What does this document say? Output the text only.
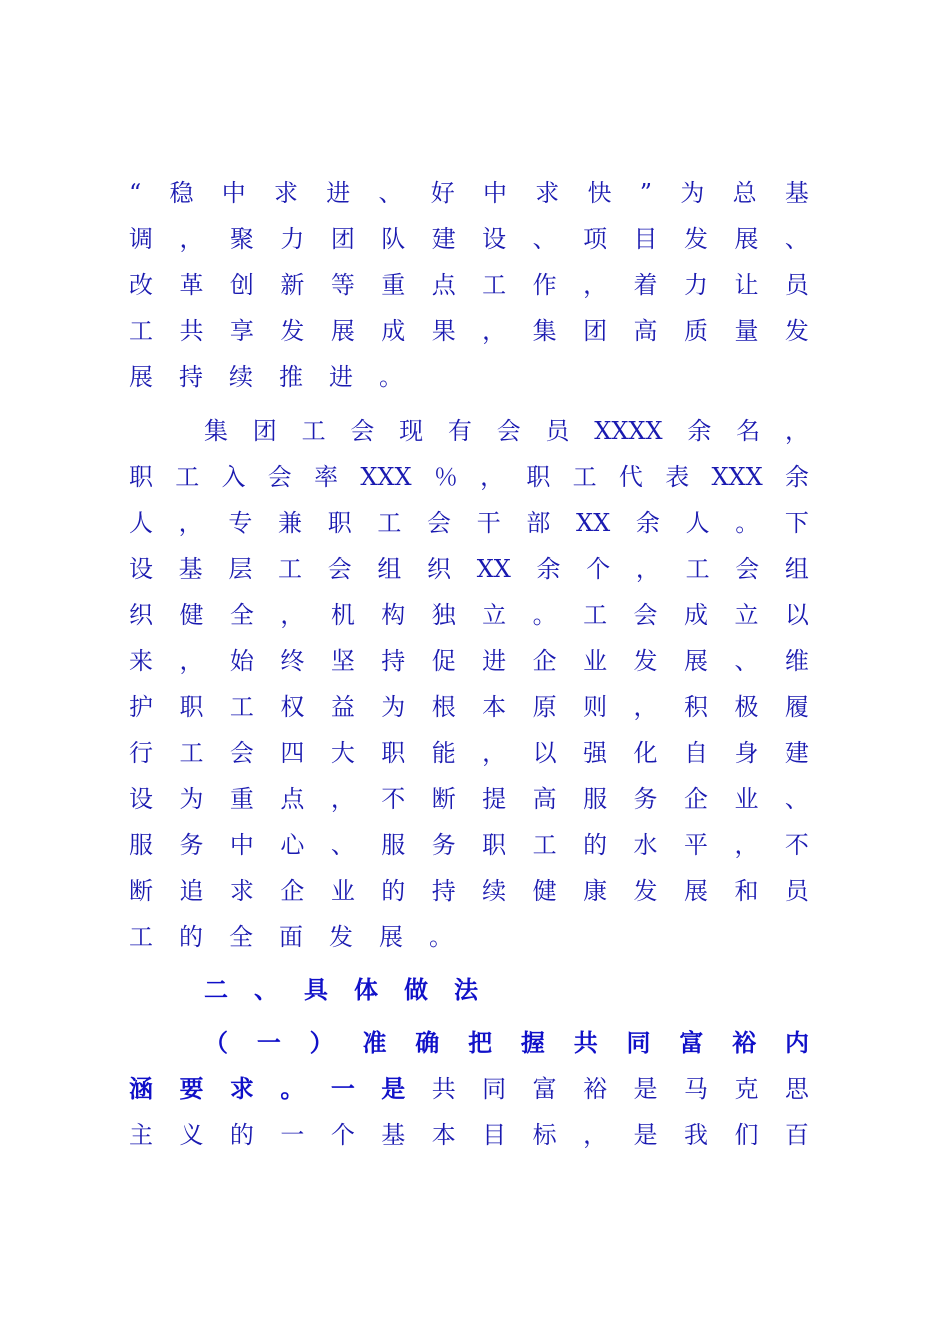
“ 稳 中 求 进 、 好 中 求 快 ” 为 总 基
调 ， 聚 力 团 队 建 设 、 项 目 发 展 、
改 革 创 新 等 重 点 工 作 ， 着 力 让 员
工 共 享 发 展 成 果 ， 集 团 高 质 量 发
展持续推进。
集 团 工 会 现 有 会 员 XXXX 余 名 ，
职 工 入 会 率 XXX ％ ， 职 工 代 表 XXX 余
人 ， 专 兼 职 工 会 干 部 XX 余 人 。 下
设 基 层 工 会 组 织 XX 余 个 ， 工 会 组
织 健 全 ， 机 构 独 立 。 工 会 成 立 以
来 ， 始 终 坚 持 促 进 企 业 发 展 、 维
护 职 工 权 益 为 根 本 原 则 ， 积 极 履
行 工 会 四 大 职 能 ， 以 强 化 自 身 建
设 为 重 点 ， 不 断 提 高 服 务 企 业 、
服 务 中 心 、 服 务 职 工 的 水 平 ， 不
断 追 求 企 业 的 持 续 健 康 发 展 和 员
工的全面发展。
二、具体做法
（ 一 ） 准 确 把 握 共 同 富 裕 内
涵 要 求 。 一 是 共 同 富 裕 是 马 克 思
主 义 的 一 个 基 本 目 标 ， 是 我 们 百
